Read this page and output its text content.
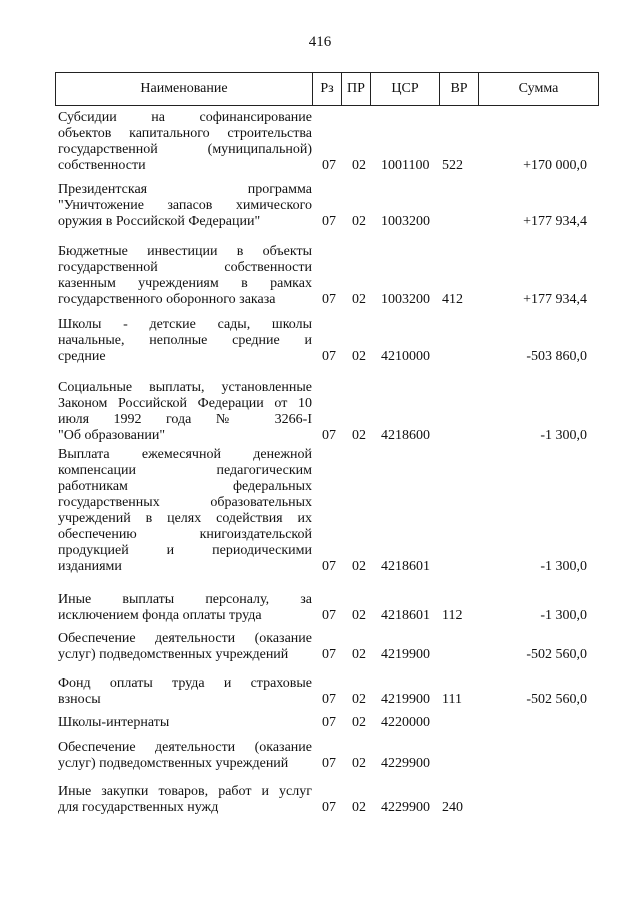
416
Наименование	Рз ПР	ЦСР	ВР	Сумма
Субсидии на софинансирование
объектов капитального строительства
государственной (муниципальной)
собственности	07	02	1001100 522	+170 000,0
Президентская программа
"Уничтожение запасов химического
оружия в Российской Федерации"	07	02	1003200	+177 934,4
Бюджетные инвестиции в объекты
государственной собственности
казенным учреждениям в рамках
государственного оборонного заказа	07	02	1003200 412	+177 934,4
Школы - детские сады, школы
начальные, неполные средние и
средние	07	02	4210000	-503 860,0
Социальные выплаты, установленные
Законом Российской Федерации от 10
июля 1992 года № 3266-I
"Об образовании"	07	02	4218600	-1 300,0
Выплата ежемесячной денежной
компенсации педагогическим
работникам федеральных
государственных образовательных
учреждений в целях содействия их
обеспечению книгоиздательской
продукцией и периодическими
изданиями	07	02	4218601	-1 300,0
Иные выплаты персоналу, за
исключением фонда оплаты труда	07	02	4218601 112	-1 300,0
Обеспечение деятельности (оказание
услуг) подведомственных учреждений	07	02	4219900	-502 560,0
Фонд оплаты труда и страховые
взносы	07	02	4219900 111	-502 560,0
Школы-интернаты	07	02	4220000
Обеспечение деятельности (оказание
услуг) подведомственных учреждений	07	02	4229900
Иные закупки товаров, работ и услуг
для государственных нужд	07	02	4229900 240
